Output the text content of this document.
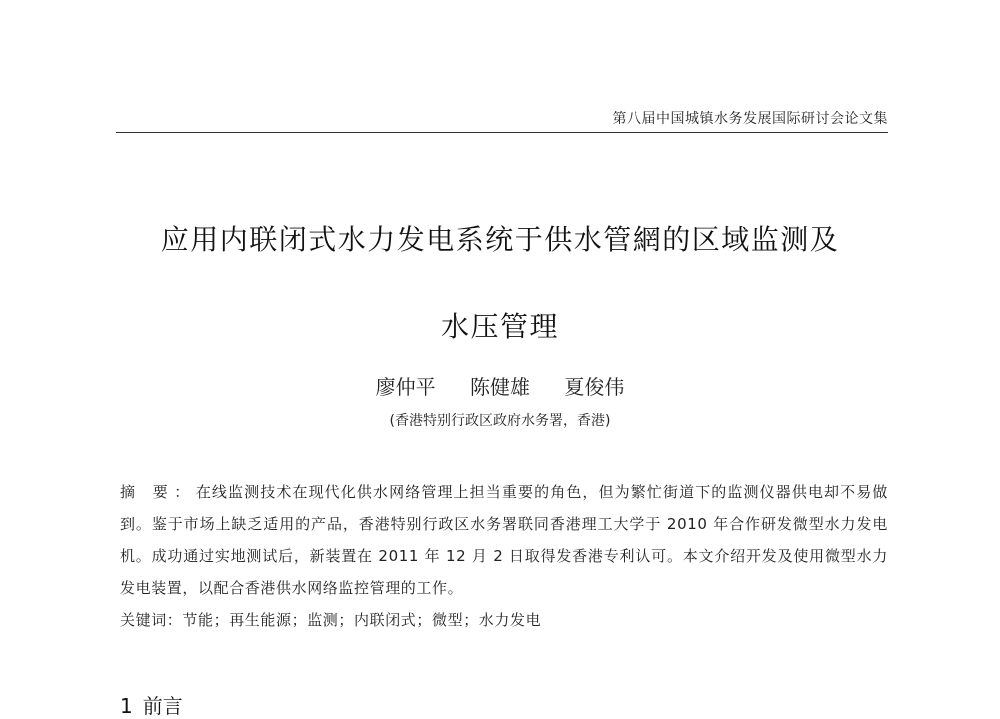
第八届中国城镇水务发展国际研讨会论文集
应用内联闭式水力发电系统于供水管網的区域监测及
水压管理
廖仲平 陈健雄 夏俊伟
(香港特别行政区政府水务署，香港)

摘 要：在线监测技术在现代化供水网络管理上担当重要的角色，但为繁忙街道下的监测仪器供电却不易做到。鉴于市场上缺乏适用的产品，香港特别行政区水务署联同香港理工大学于 2010 年合作研发微型水力发电机。成功通过实地测试后，新装置在 2011 年 12 月 2 日取得发香港专利认可。本文介绍开发及使用微型水力发电装置，以配合香港供水网络监控管理的工作。

关键词：节能；再生能源；监测；内联闭式；微型；水力发电
1 前言
